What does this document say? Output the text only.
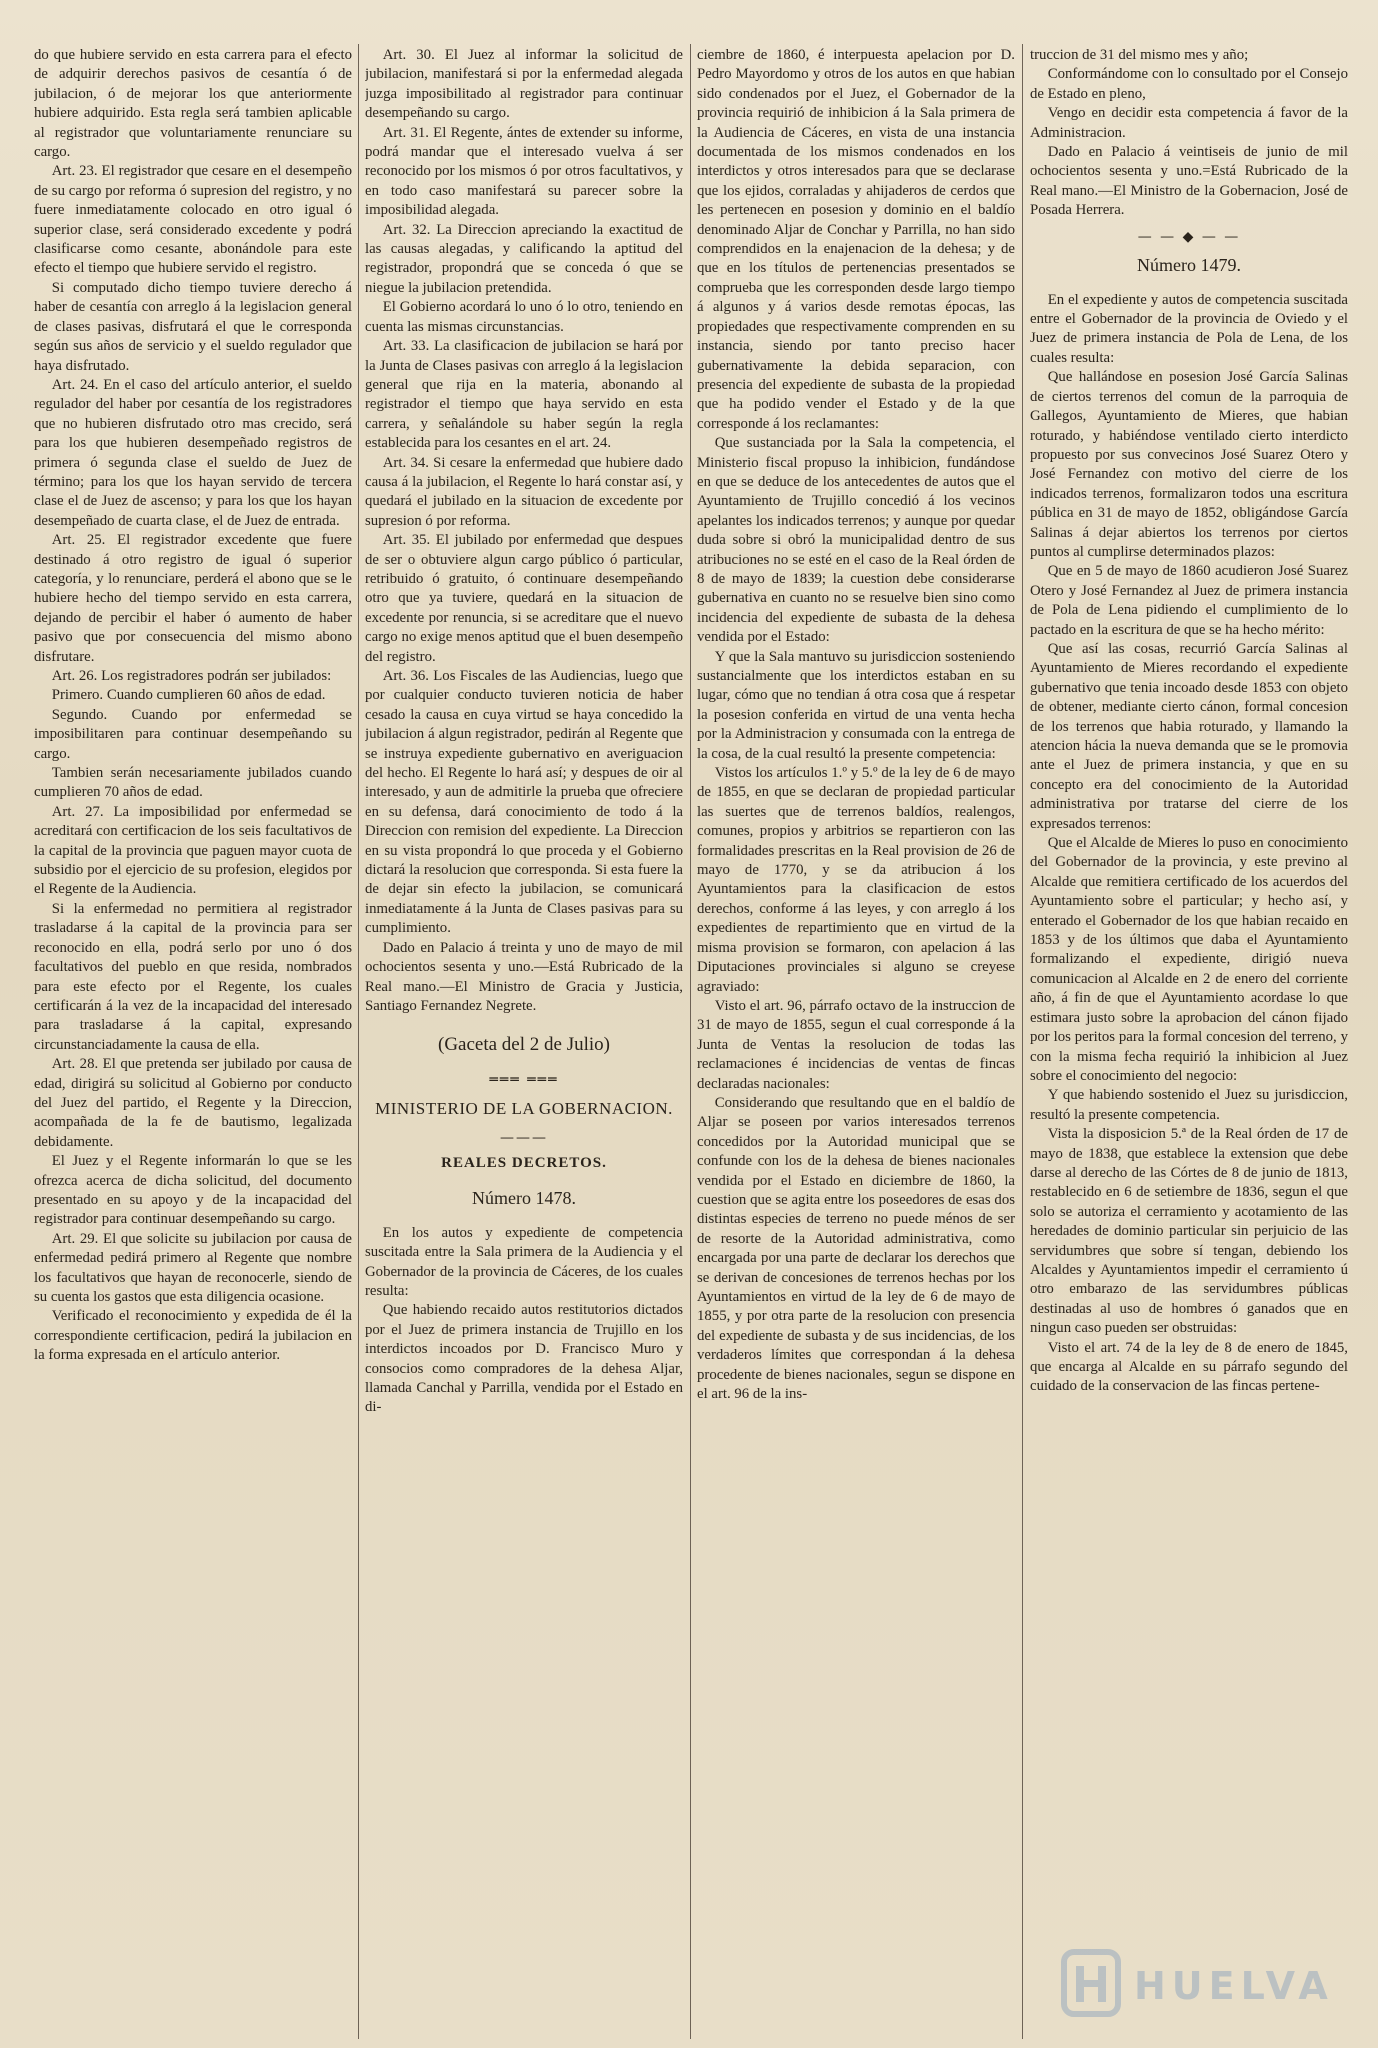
do que hubiere servido en esta carrera para el efecto de adquirir derechos pasivos de cesantía ó de jubilacion, ó de mejorar los que anteriormente hubiere adquirido. Esta regla será tambien aplicable al registrador que voluntariamente renunciare su cargo.

Art. 23. El registrador que cesare en el desempeño de su cargo por reforma ó supresion del registro, y no fuere inmediatamente colocado en otro igual ó superior clase, será considerado excedente y podrá clasificarse como cesante, abonándole para este efecto el tiempo que hubiere servido el registro.

Si computado dicho tiempo tuviere derecho á haber de cesantía con arreglo á la legislacion general de clases pasivas, disfrutará el que le corresponda según sus años de servicio y el sueldo regulador que haya disfrutado.

Art. 24. En el caso del artículo anterior, el sueldo regulador del haber por cesantía de los registradores que no hubieren disfrutado otro mas crecido, será para los que hubieren desempeñado registros de primera ó segunda clase el sueldo de Juez de término; para los que los hayan servido de tercera clase el de Juez de ascenso; y para los que los hayan desempeñado de cuarta clase, el de Juez de entrada.

Art. 25. El registrador excedente que fuere destinado á otro registro de igual ó superior categoría, y lo renunciare, perderá el abono que se le hubiere hecho del tiempo servido en esta carrera, dejando de percibir el haber ó aumento de haber pasivo que por consecuencia del mismo abono disfrutare.

Art. 26. Los registradores podrán ser jubilados:

Primero. Cuando cumplieren 60 años de edad.

Segundo. Cuando por enfermedad se imposibilitaren para continuar desempeñando su cargo.

Tambien serán necesariamente jubilados cuando cumplieren 70 años de edad.

Art. 27. La imposibilidad por enfermedad se acreditará con certificacion de los seis facultativos de la capital de la provincia que paguen mayor cuota de subsidio por el ejercicio de su profesion, elegidos por el Regente de la Audiencia.

Si la enfermedad no permitiera al registrador trasladarse á la capital de la provincia para ser reconocido en ella, podrá serlo por uno ó dos facultativos del pueblo en que resida, nombrados para este efecto por el Regente, los cuales certificarán á la vez de la incapacidad del interesado para trasladarse á la capital, expresando circunstanciadamente la causa de ella.

Art. 28. El que pretenda ser jubilado por causa de edad, dirigirá su solicitud al Gobierno por conducto del Juez del partido, el Regente y la Direccion, acompañada de la fe de bautismo, legalizada debidamente.

El Juez y el Regente informarán lo que se les ofrezca acerca de dicha solicitud, del documento presentado en su apoyo y de la incapacidad del registrador para continuar desempeñando su cargo.

Art. 29. El que solicite su jubilacion por causa de enfermedad pedirá primero al Regente que nombre los facultativos que hayan de reconocerle, siendo de su cuenta los gastos que esta diligencia ocasione.

Verificado el reconocimiento y expedida de él la correspondiente certificacion, pedirá la jubilacion en la forma expresada en el artículo anterior.

Art. 30. El Juez al informar la solicitud de jubilacion, manifestará si por la enfermedad alegada juzga imposibilitado al registrador para continuar desempeñando su cargo.

Art. 31. El Regente, ántes de extender su informe, podrá mandar que el interesado vuelva á ser reconocido por los mismos ó por otros facultativos, y en todo caso manifestará su parecer sobre la imposibilidad alegada.

Art. 32. La Direccion apreciando la exactitud de las causas alegadas, y calificando la aptitud del registrador, propondrá que se conceda ó que se niegue la jubilacion pretendida.

El Gobierno acordará lo uno ó lo otro, teniendo en cuenta las mismas circunstancias.

Art. 33. La clasificacion de jubilacion se hará por la Junta de Clases pasivas con arreglo á la legislacion general que rija en la materia, abonando al registrador el tiempo que haya servido en esta carrera, y señalándole su haber según la regla establecida para los cesantes en el art. 24.

Art. 34. Si cesare la enfermedad que hubiere dado causa á la jubilacion, el Regente lo hará constar así, y quedará el jubilado en la situacion de excedente por supresion ó por reforma.

Art. 35. El jubilado por enfermedad que despues de ser o obtuviere algun cargo público ó particular, retribuido ó gratuito, ó continuare desempeñando otro que ya tuviere, quedará en la situacion de excedente por renuncia, si se acreditare que el nuevo cargo no exige menos aptitud que el buen desempeño del registro.

Art. 36. Los Fiscales de las Audiencias, luego que por cualquier conducto tuvieren noticia de haber cesado la causa en cuya virtud se haya concedido la jubilacion á algun registrador, pedirán al Regente que se instruya expediente gubernativo en averiguacion del hecho. El Regente lo hará así; y despues de oir al interesado, y aun de admitirle la prueba que ofreciere en su defensa, dará conocimiento de todo á la Direccion con remision del expediente. La Direccion en su vista propondrá lo que proceda y el Gobierno dictará la resolucion que corresponda. Si esta fuere la de dejar sin efecto la jubilacion, se comunicará inmediatamente á la Junta de Clases pasivas para su cumplimiento.

Dado en Palacio á treinta y uno de mayo de mil ochocientos sesenta y uno.—Está Rubricado de la Real mano.—El Ministro de Gracia y Justicia, Santiago Fernandez Negrete.

(Gaceta del 2 de Julio)

═══ ═══

MINISTERIO DE LA GOBERNACION.

———

REALES DECRETOS.

Número 1478.

En los autos y expediente de competencia suscitada entre la Sala primera de la Audiencia y el Gobernador de la provincia de Cáceres, de los cuales resulta:

Que habiendo recaido autos restitutorios dictados por el Juez de primera instancia de Trujillo en los interdictos incoados por D. Francisco Muro y consocios como compradores de la dehesa Aljar, llamada Canchal y Parrilla, vendida por el Estado en di-

ciembre de 1860, é interpuesta apelacion por D. Pedro Mayordomo y otros de los autos en que habian sido condenados por el Juez, el Gobernador de la provincia requirió de inhibicion á la Sala primera de la Audiencia de Cáceres, en vista de una instancia documentada de los mismos condenados en los interdictos y otros interesados para que se declarase que los ejidos, corraladas y ahijaderos de cerdos que les pertenecen en posesion y dominio en el baldío denominado Aljar de Conchar y Parrilla, no han sido comprendidos en la enajenacion de la dehesa; y de que en los títulos de pertenencias presentados se comprueba que les corresponden desde largo tiempo á algunos y á varios desde remotas épocas, las propiedades que respectivamente comprenden en su instancia, siendo por tanto preciso hacer gubernativamente la debida separacion, con presencia del expediente de subasta de la propiedad que ha podido vender el Estado y de la que corresponde á los reclamantes:

Que sustanciada por la Sala la competencia, el Ministerio fiscal propuso la inhibicion, fundándose en que se deduce de los antecedentes de autos que el Ayuntamiento de Trujillo concedió á los vecinos apelantes los indicados terrenos; y aunque por quedar duda sobre si obró la municipalidad dentro de sus atribuciones no se esté en el caso de la Real órden de 8 de mayo de 1839; la cuestion debe considerarse gubernativa en cuanto no se resuelve bien sino como incidencia del expediente de subasta de la dehesa vendida por el Estado:

Y que la Sala mantuvo su jurisdiccion sosteniendo sustancialmente que los interdictos estaban en su lugar, cómo que no tendian á otra cosa que á respetar la posesion conferida en virtud de una venta hecha por la Administracion y consumada con la entrega de la cosa, de la cual resultó la presente competencia:

Vistos los artículos 1.º y 5.º de la ley de 6 de mayo de 1855, en que se declaran de propiedad particular las suertes que de terrenos baldíos, realengos, comunes, propios y arbitrios se repartieron con las formalidades prescritas en la Real provision de 26 de mayo de 1770, y se da atribucion á los Ayuntamientos para la clasificacion de estos derechos, conforme á las leyes, y con arreglo á los expedientes de repartimiento que en virtud de la misma provision se formaron, con apelacion á las Diputaciones provinciales si alguno se creyese agraviado:

Visto el art. 96, párrafo octavo de la instruccion de 31 de mayo de 1855, segun el cual corresponde á la Junta de Ventas la resolucion de todas las reclamaciones é incidencias de ventas de fincas declaradas nacionales:

Considerando que resultando que en el baldío de Aljar se poseen por varios interesados terrenos concedidos por la Autoridad municipal que se confunde con los de la dehesa de bienes nacionales vendida por el Estado en diciembre de 1860, la cuestion que se agita entre los poseedores de esas dos distintas especies de terreno no puede ménos de ser de resorte de la Autoridad administrativa, como encargada por una parte de declarar los derechos que se derivan de concesiones de terrenos hechas por los Ayuntamientos en virtud de la ley de 6 de mayo de 1855, y por otra parte de la resolucion con presencia del expediente de subasta y de sus incidencias, de los verdaderos límites que correspondan á la dehesa procedente de bienes nacionales, segun se dispone en el art. 96 de la ins-

truccion de 31 del mismo mes y año;

Conformándome con lo consultado por el Consejo de Estado en pleno,

Vengo en decidir esta competencia á favor de la Administracion.

Dado en Palacio á veintiseis de junio de mil ochocientos sesenta y uno.=Está Rubricado de la Real mano.—El Ministro de la Gobernacion, José de Posada Herrera.

— — ◆ — —

Número 1479.

En el expediente y autos de competencia suscitada entre el Gobernador de la provincia de Oviedo y el Juez de primera instancia de Pola de Lena, de los cuales resulta:

Que hallándose en posesion José García Salinas de ciertos terrenos del comun de la parroquia de Gallegos, Ayuntamiento de Mieres, que habian roturado, y habiéndose ventilado cierto interdicto propuesto por sus convecinos José Suarez Otero y José Fernandez con motivo del cierre de los indicados terrenos, formalizaron todos una escritura pública en 31 de mayo de 1852, obligándose García Salinas á dejar abiertos los terrenos por ciertos puntos al cumplirse determinados plazos:

Que en 5 de mayo de 1860 acudieron José Suarez Otero y José Fernandez al Juez de primera instancia de Pola de Lena pidiendo el cumplimiento de lo pactado en la escritura de que se ha hecho mérito:

Que así las cosas, recurrió García Salinas al Ayuntamiento de Mieres recordando el expediente gubernativo que tenia incoado desde 1853 con objeto de obtener, mediante cierto cánon, formal concesion de los terrenos que habia roturado, y llamando la atencion hácia la nueva demanda que se le promovia ante el Juez de primera instancia, y que en su concepto era del conocimiento de la Autoridad administrativa por tratarse del cierre de los expresados terrenos:

Que el Alcalde de Mieres lo puso en conocimiento del Gobernador de la provincia, y este previno al Alcalde que remitiera certificado de los acuerdos del Ayuntamiento sobre el particular; y hecho así, y enterado el Gobernador de los que habian recaido en 1853 y de los últimos que daba el Ayuntamiento formalizando el expediente, dirigió nueva comunicacion al Alcalde en 2 de enero del corriente año, á fin de que el Ayuntamiento acordase lo que estimara justo sobre la aprobacion del cánon fijado por los peritos para la formal concesion del terreno, y con la misma fecha requirió la inhibicion al Juez sobre el conocimiento del negocio:

Y que habiendo sostenido el Juez su jurisdiccion, resultó la presente competencia.

Vista la disposicion 5.ª de la Real órden de 17 de mayo de 1838, que establece la extension que debe darse al derecho de las Córtes de 8 de junio de 1813, restablecido en 6 de setiembre de 1836, segun el que solo se autoriza el cerramiento y acotamiento de las heredades de dominio particular sin perjuicio de las servidumbres que sobre sí tengan, debiendo los Alcaldes y Ayuntamientos impedir el cerramiento ú otro embarazo de las servidumbres públicas destinadas al uso de hombres ó ganados que en ningun caso pueden ser obstruidas:

Visto el art. 74 de la ley de 8 de enero de 1845, que encarga al Alcalde en su párrafo segundo del cuidado de la conservacion de las fincas pertene-

HUELVA
